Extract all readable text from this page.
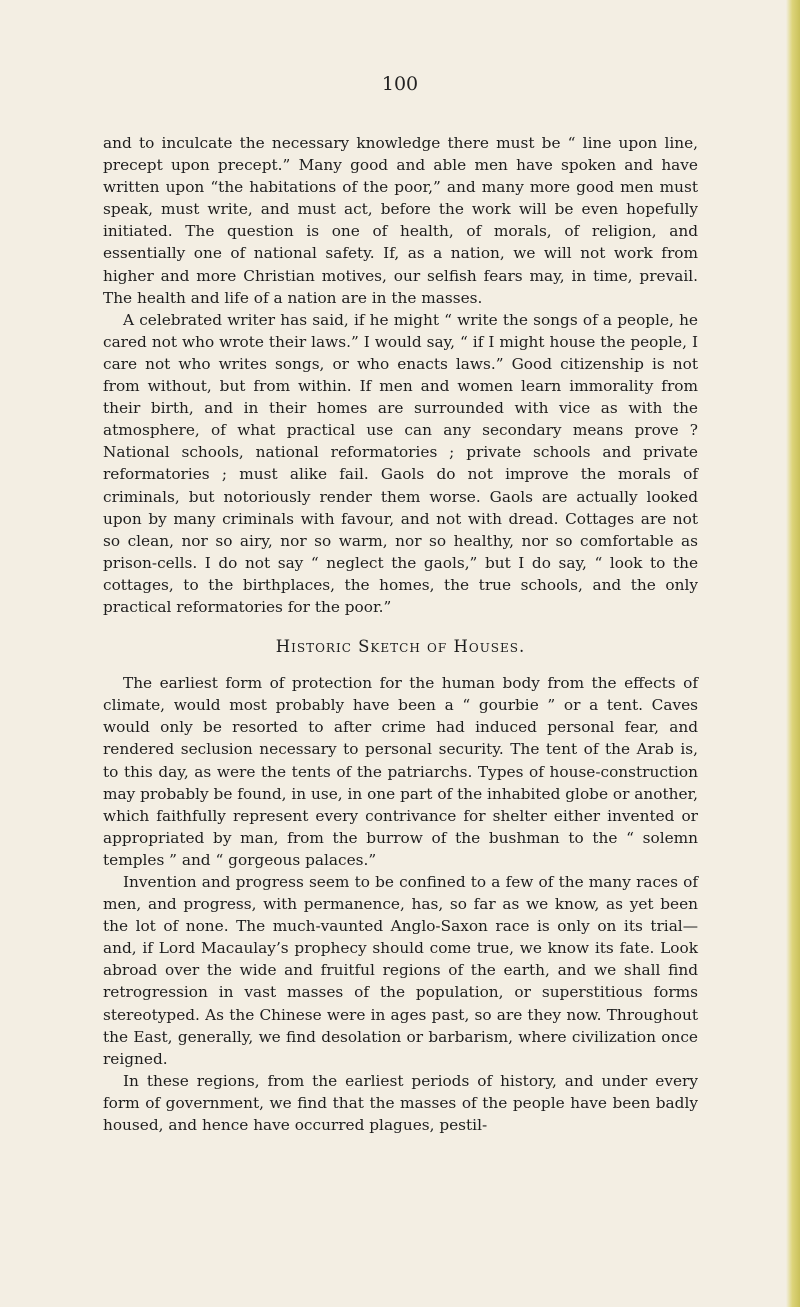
100

and to inculcate the necessary knowledge there must be “ line upon line, precept upon precept.” Many good and able men have spoken and have written upon “the habitations of the poor,” and many more good men must speak, must write, and must act, before the work will be even hopefully initiated. The question is one of health, of morals, of religion, and essentially one of national safety. If, as a nation, we will not work from higher and more Christian motives, our selfish fears may, in time, prevail. The health and life of a nation are in the masses.

A celebrated writer has said, if he might “ write the songs of a people, he cared not who wrote their laws.” I would say, “ if I might house the people, I care not who writes songs, or who enacts laws.” Good citizenship is not from without, but from within. If men and women learn immorality from their birth, and in their homes are surrounded with vice as with the atmosphere, of what practical use can any secondary means prove ? National schools, national reformatories ; private schools and private reformatories ; must alike fail. Gaols do not improve the morals of criminals, but notoriously render them worse. Gaols are actually looked upon by many criminals with favour, and not with dread. Cottages are not so clean, nor so airy, nor so warm, nor so healthy, nor so comfortable as prison-cells. I do not say “ neglect the gaols,” but I do say, “ look to the cottages, to the birthplaces, the homes, the true schools, and the only practical reformatories for the poor.”

Historic Sketch of Houses.

The earliest form of protection for the human body from the effects of climate, would most probably have been a “ gourbie ” or a tent. Caves would only be resorted to after crime had induced personal fear, and rendered seclusion necessary to personal security. The tent of the Arab is, to this day, as were the tents of the patriarchs. Types of house-construction may probably be found, in use, in one part of the inhabited globe or another, which faithfully represent every contrivance for shelter either invented or appropriated by man, from the burrow of the bushman to the “ solemn temples ” and “ gorgeous palaces.”

Invention and progress seem to be confined to a few of the many races of men, and progress, with permanence, has, so far as we know, as yet been the lot of none. The much-vaunted Anglo-Saxon race is only on its trial—and, if Lord Macaulay’s prophecy should come true, we know its fate. Look abroad over the wide and fruitful regions of the earth, and we shall find retrogression in vast masses of the population, or superstitious forms stereotyped. As the Chinese were in ages past, so are they now. Throughout the East, generally, we find desolation or barbarism, where civilization once reigned.

In these regions, from the earliest periods of history, and under every form of government, we find that the masses of the people have been badly housed, and hence have occurred plagues, pestil-
